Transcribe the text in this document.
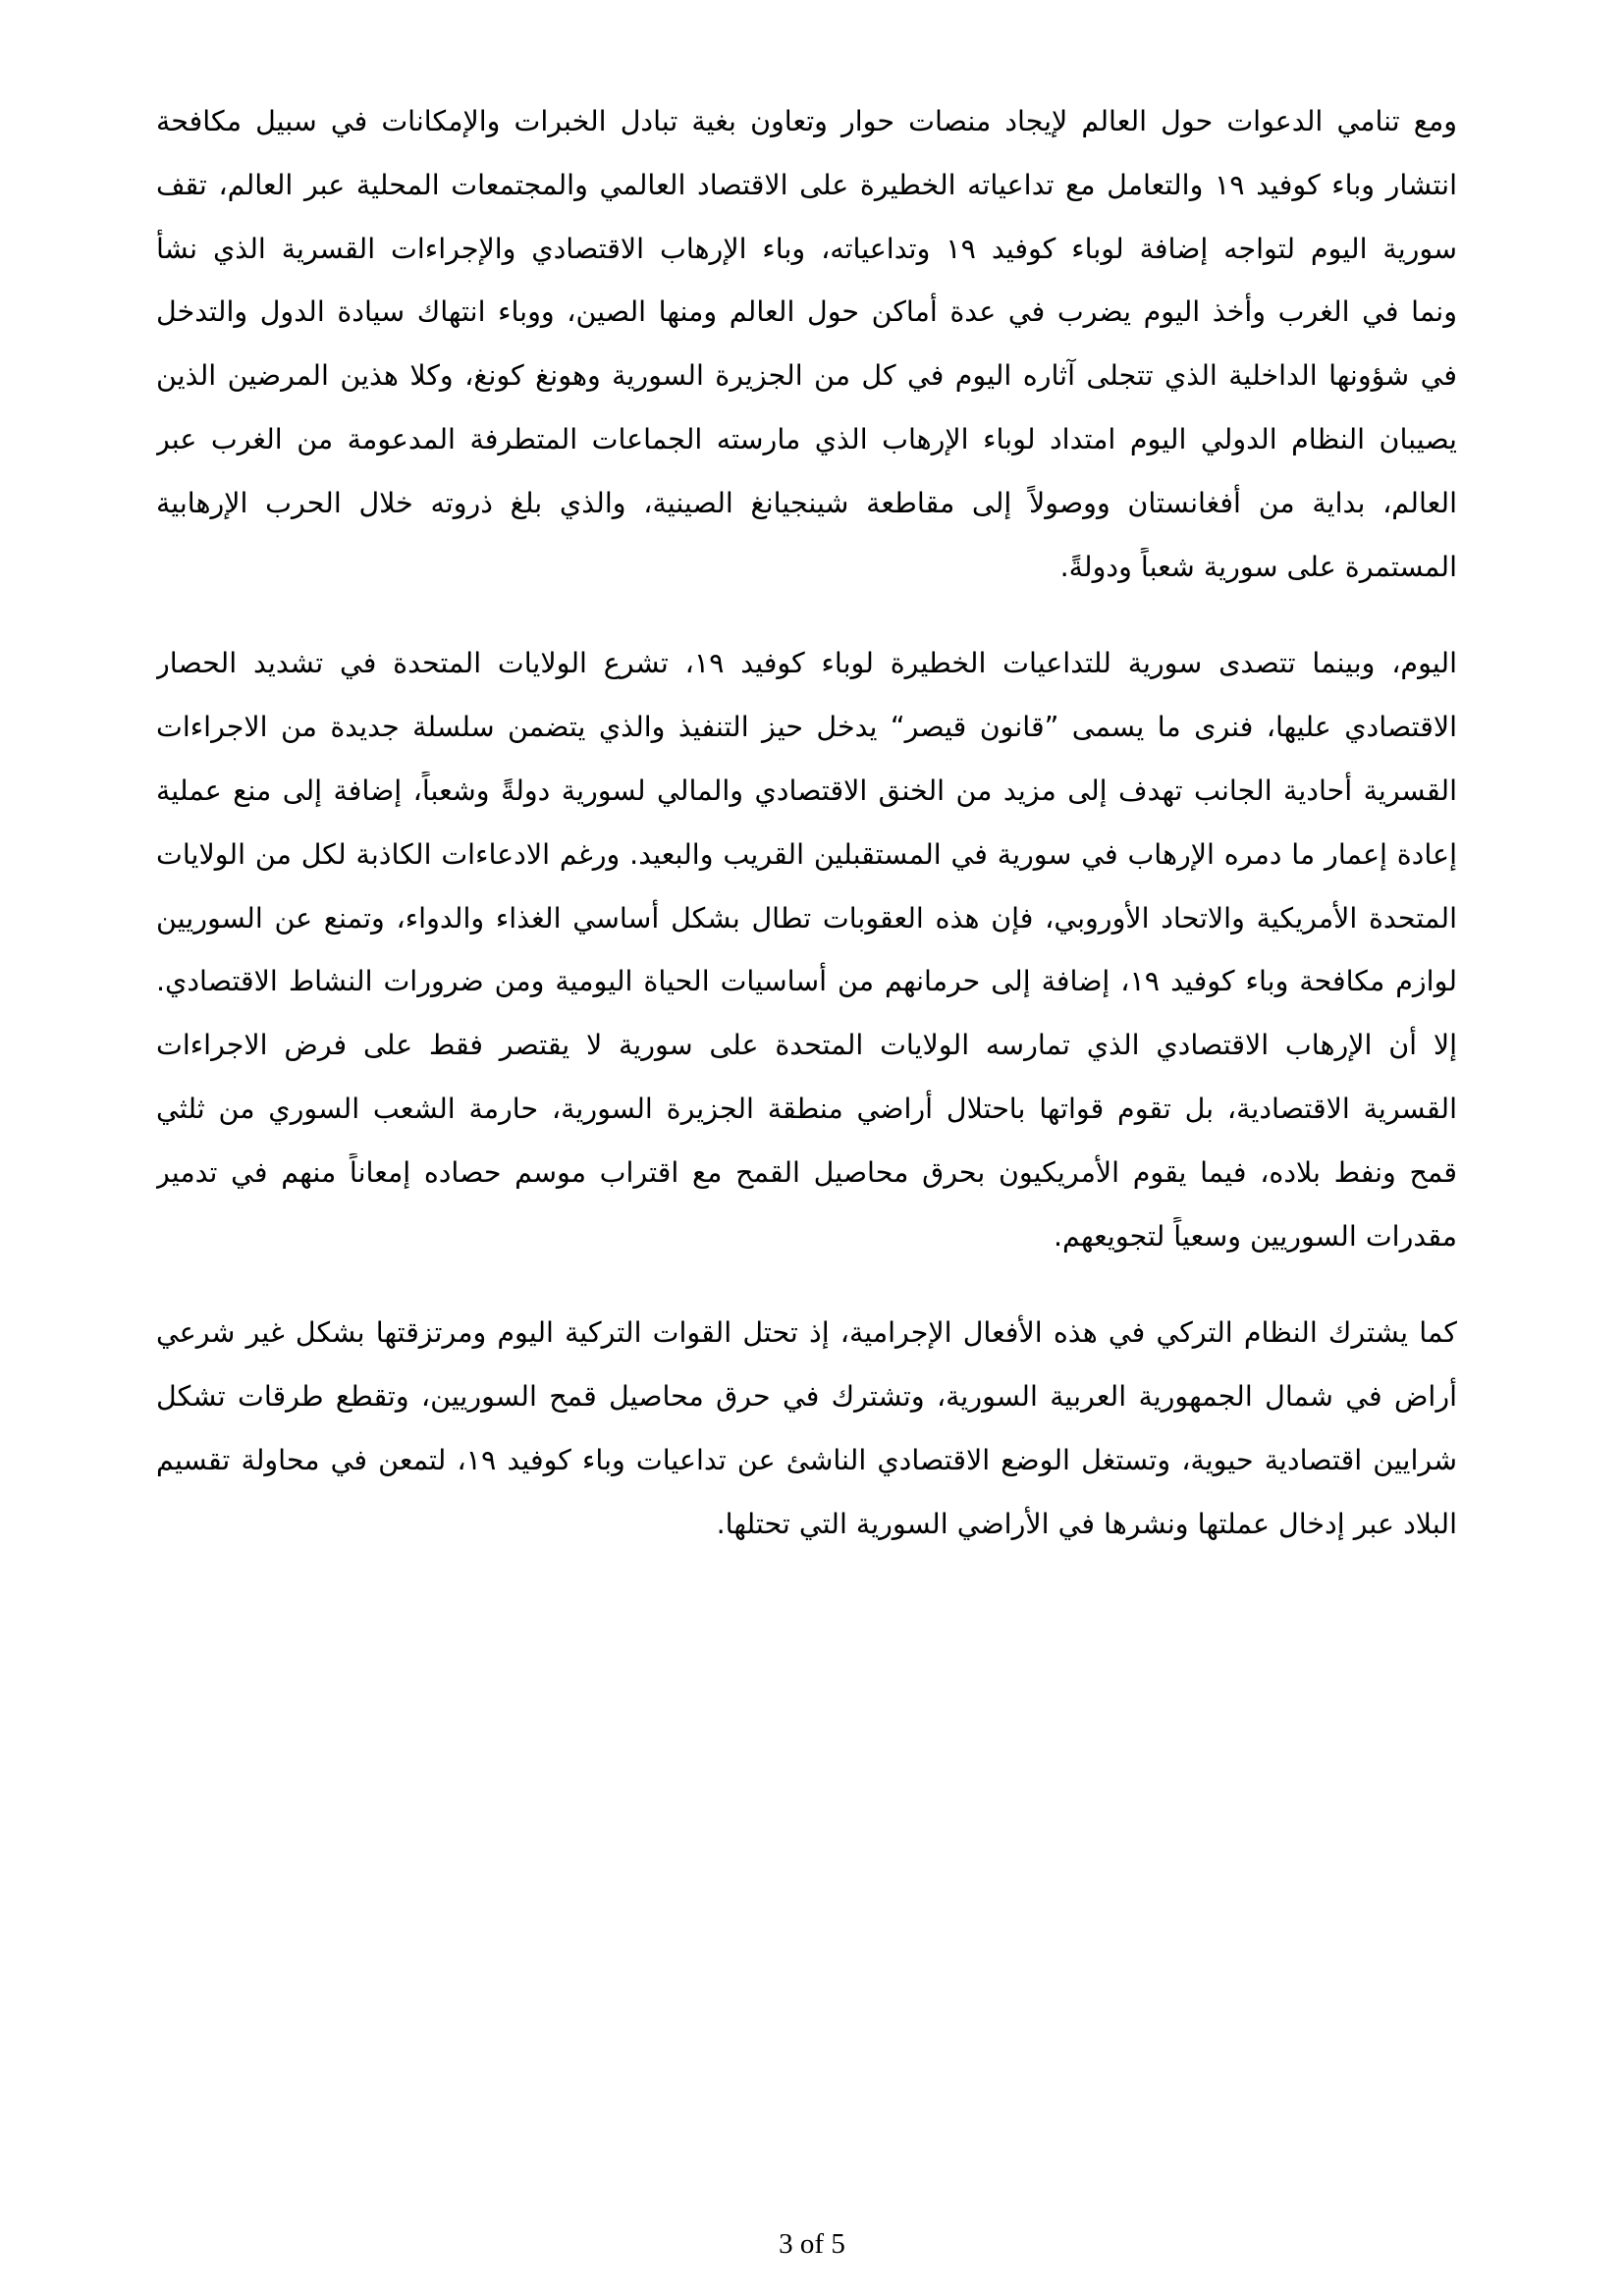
ومع تنامي الدعوات حول العالم لإيجاد منصات حوار وتعاون بغية تبادل الخبرات والإمكانات في سبيل مكافحة
انتشار وباء كوفيد ١٩ والتعامل مع تداعياته الخطيرة على الاقتصاد العالمي والمجتمعات المحلية عبر العالم، تقف
سورية اليوم لتواجه إضافة لوباء كوفيد ١٩ وتداعياته، وباء الإرهاب الاقتصادي والإجراءات القسرية الذي نشأ
ونما في الغرب وأخذ اليوم يضرب في عدة أماكن حول العالم ومنها الصين، ووباء انتهاك سيادة الدول والتدخل
في شؤونها الداخلية الذي تتجلى آثاره اليوم في كل من الجزيرة السورية وهونغ كونغ، وكلا هذين المرضين الذين
يصيبان النظام الدولي اليوم امتداد لوباء الإرهاب الذي مارسته الجماعات المتطرفة المدعومة من الغرب عبر
العالم، بداية من أفغانستان ووصولاً إلى مقاطعة شينجيانغ الصينية، والذي بلغ ذروته خلال الحرب الإرهابية
المستمرة على سورية شعباً ودولةً.
اليوم، وبينما تتصدى سورية للتداعيات الخطيرة لوباء كوفيد ١٩، تشرع الولايات المتحدة في تشديد الحصار
الاقتصادي عليها، فنرى ما يسمى ”قانون قيصر“ يدخل حيز التنفيذ والذي يتضمن سلسلة جديدة من الاجراءات
القسرية أحادية الجانب تهدف إلى مزيد من الخنق الاقتصادي والمالي لسورية دولةً وشعباً، إضافة إلى منع عملية
إعادة إعمار ما دمره الإرهاب في سورية في المستقبلين القريب والبعيد. ورغم الادعاءات الكاذبة لكل من الولايات
المتحدة الأمريكية والاتحاد الأوروبي، فإن هذه العقوبات تطال بشكل أساسي الغذاء والدواء، وتمنع عن السوريين
لوازم مكافحة وباء كوفيد ١٩، إضافة إلى حرمانهم من أساسيات الحياة اليومية ومن ضرورات النشاط الاقتصادي.
إلا أن الإرهاب الاقتصادي الذي تمارسه الولايات المتحدة على سورية لا يقتصر فقط على فرض الاجراءات
القسرية الاقتصادية، بل تقوم قواتها باحتلال أراضي منطقة الجزيرة السورية، حارمة الشعب السوري من ثلثي
قمح ونفط بلاده، فيما يقوم الأمريكيون بحرق محاصيل القمح مع اقتراب موسم حصاده إمعاناً منهم في تدمير
مقدرات السوريين وسعياً لتجويعهم.
كما يشترك النظام التركي في هذه الأفعال الإجرامية، إذ تحتل القوات التركية اليوم ومرتزقتها بشكل غير شرعي
أراض في شمال الجمهورية العربية السورية، وتشترك في حرق محاصيل قمح السوريين، وتقطع طرقات تشكل
شرايين اقتصادية حيوية، وتستغل الوضع الاقتصادي الناشئ عن تداعيات وباء كوفيد ١٩، لتمعن في محاولة تقسيم
البلاد عبر إدخال عملتها ونشرها في الأراضي السورية التي تحتلها.
3 of 5
